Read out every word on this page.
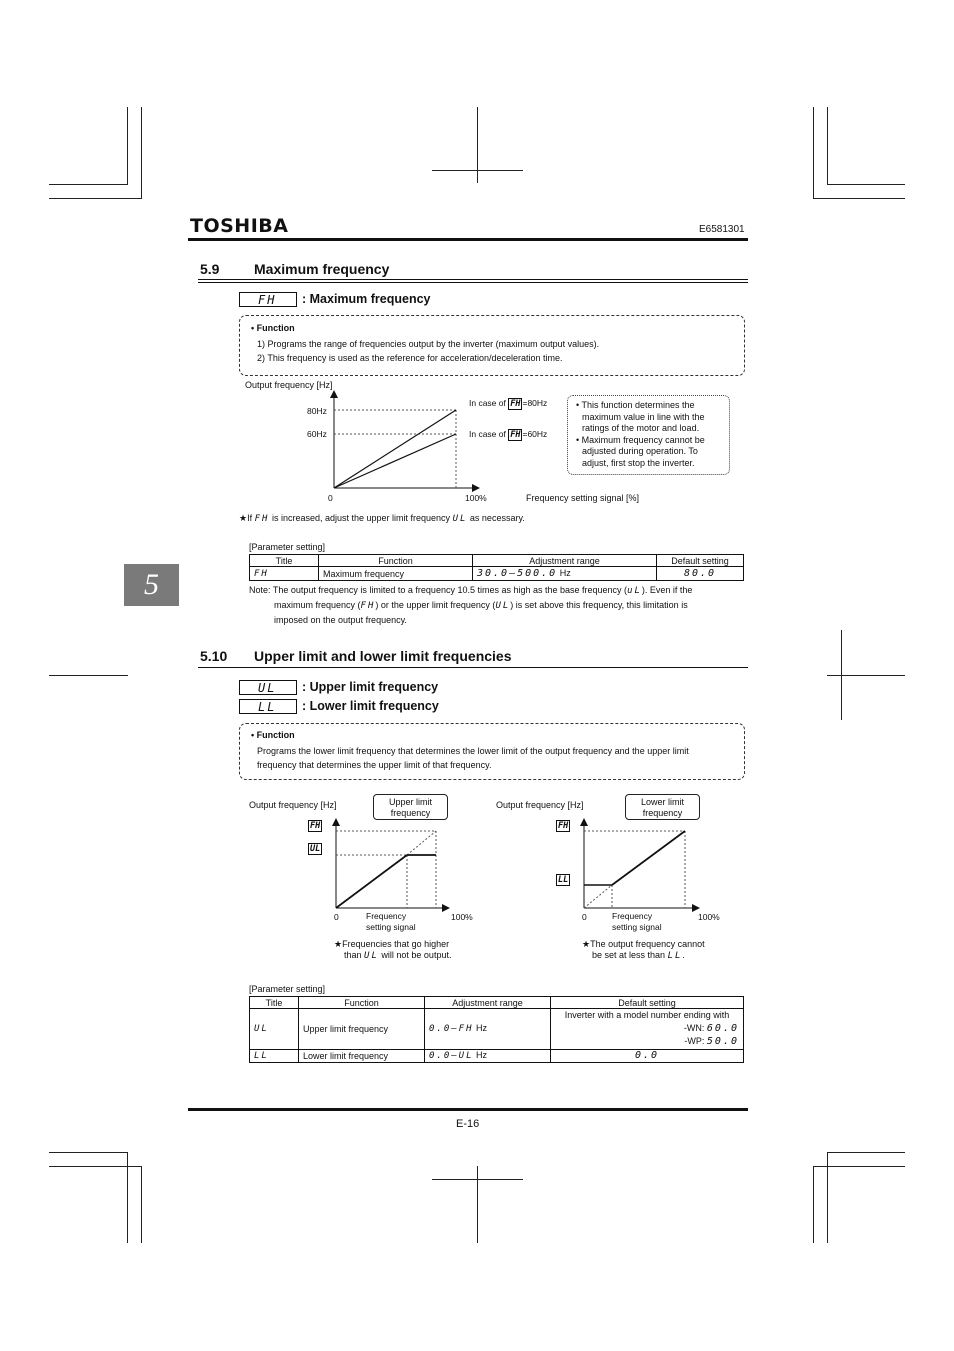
TOSHIBA	E6581301
5
5.9 Maximum frequency
FH	: Maximum frequency
• Function
1) Programs the range of frequencies output by the inverter (maximum output values).
2) This frequency is used as the reference for acceleration/deceleration time.
Output frequency [Hz]
80Hz
60Hz
0	100%	Frequency setting signal [%]
In case of FH =80Hz
In case of FH =60Hz
• This function determines the
maximum value in line with the
ratings of the motor and load.
• Maximum frequency cannot be
adjusted during operation. To
adjust, first stop the inverter.
★If FH is increased, adjust the upper limit frequency UL as necessary.
[Parameter setting]
Title	Function	Adjustment range	Default setting
FH	Maximum frequency	30.0–500.0 Hz	80.0
Note: The output frequency is limited to a frequency 10.5 times as high as the base frequency (uL). Even if the
maximum frequency (FH) or the upper limit frequency (UL) is set above this frequency, this limitation is
imposed on the output frequency.
5.10 Upper limit and lower limit frequencies
UL	: Upper limit frequency
LL	: Lower limit frequency
• Function
Programs the lower limit frequency that determines the lower limit of the output frequency and the upper limit
frequency that determines the upper limit of that frequency.
Output frequency [Hz]	Upper limit
frequency
FH
UL
0	Frequency
setting signal
100%
★Frequencies that go higher
than UL will not be output.
Output frequency [Hz]	Lower limit
frequency
FH
LL
0	Frequency
setting signal
100%
★The output frequency cannot
be set at less than LL.
[Parameter setting]
Title	Function	Adjustment range	Default setting
UL	Upper limit frequency	0.0–FH Hz	Inverter with a model number ending with
-WN: 60.0
-WP: 50.0

LL	Lower limit frequency	0.0–UL Hz	0.0
E-16
